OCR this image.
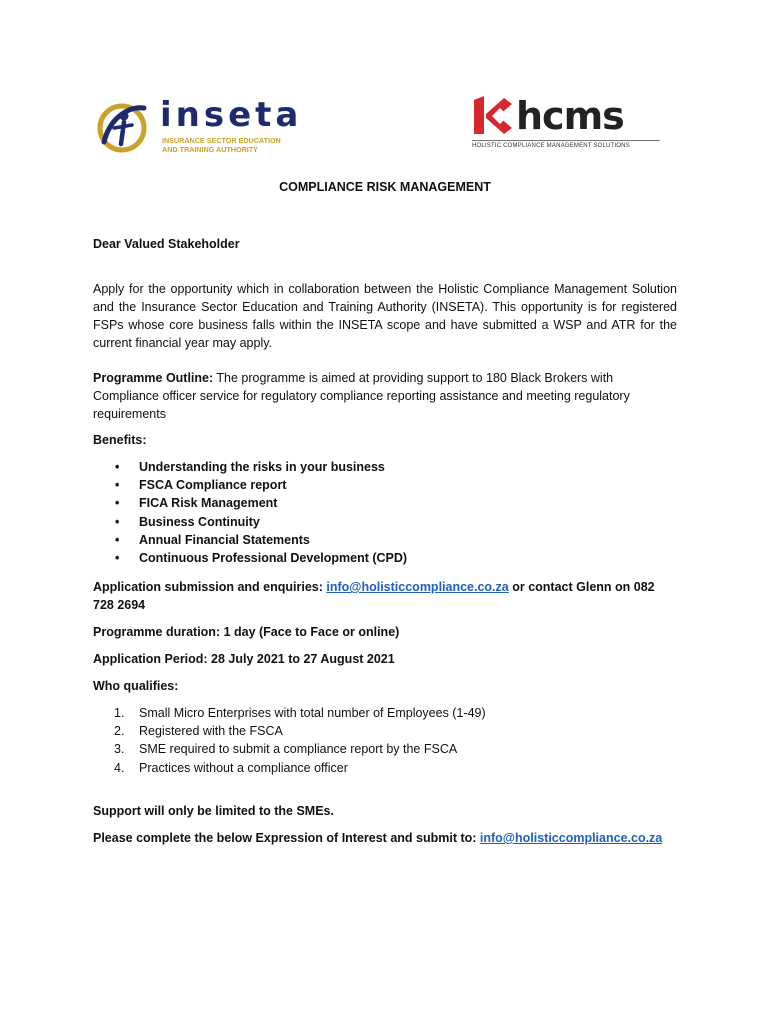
inseta
INSURANCE SECTOR EDUCATION
AND TRAINING AUTHORITY
hcms
HOLISTIC COMPLIANCE MANAGEMENT SOLUTIONS
COMPLIANCE RISK MANAGEMENT
Dear Valued Stakeholder
Apply for the opportunity which in collaboration between the Holistic Compliance Management Solution and the Insurance Sector Education and Training Authority (INSETA). This opportunity is for registered FSPs whose core business falls within the INSETA scope and have submitted a WSP and ATR for the current financial year may apply.
Programme Outline: The programme is aimed at providing support to 180 Black Brokers with Compliance officer service for regulatory compliance reporting assistance and meeting regulatory requirements
Benefits:
• Understanding the risks in your business
• FSCA Compliance report
• FICA Risk Management
• Business Continuity
• Annual Financial Statements
• Continuous Professional Development (CPD)
Application submission and enquiries: info@holisticcompliance.co.za or contact Glenn on 082 728 2694
Programme duration: 1 day (Face to Face or online)
Application Period: 28 July 2021 to 27 August 2021
Who qualifies:
1. Small Micro Enterprises with total number of Employees (1-49)
2. Registered with the FSCA
3. SME required to submit a compliance report by the FSCA
4. Practices without a compliance officer
Support will only be limited to the SMEs.
Please complete the below Expression of Interest and submit to: info@holisticcompliance.co.za
